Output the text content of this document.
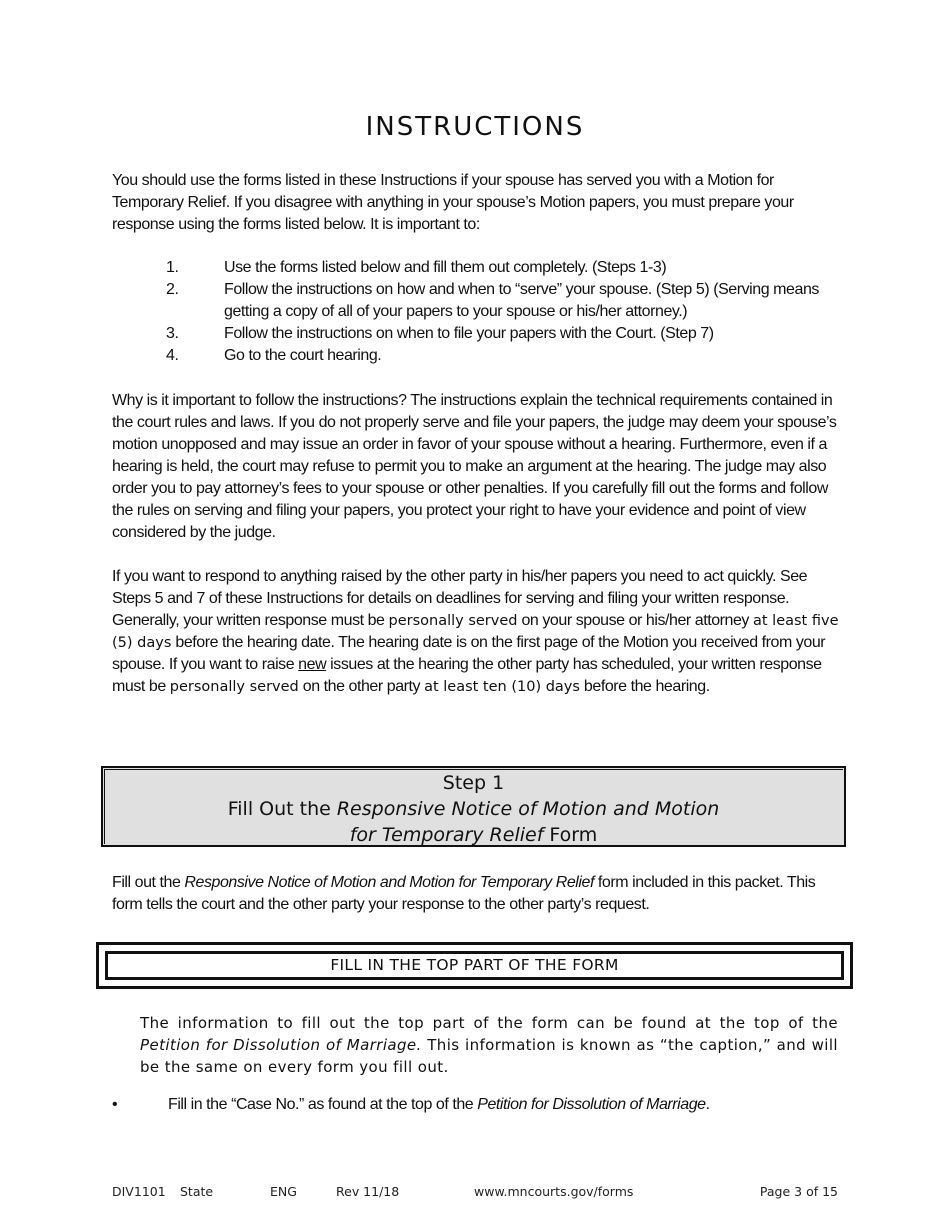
INSTRUCTIONS

You should use the forms listed in these Instructions if your spouse has served you with a Motion for Temporary Relief. If you disagree with anything in your spouse’s Motion papers, you must prepare your response using the forms listed below. It is important to:

1.	Use the forms listed below and fill them out completely. (Steps 1-3)
2.	Follow the instructions on how and when to “serve” your spouse. (Step 5) (Serving means getting a copy of all of your papers to your spouse or his/her attorney.)
3.	Follow the instructions on when to file your papers with the Court. (Step 7)
4.	Go to the court hearing.

Why is it important to follow the instructions? The instructions explain the technical requirements contained in the court rules and laws. If you do not properly serve and file your papers, the judge may deem your spouse’s motion unopposed and may issue an order in favor of your spouse without a hearing. Furthermore, even if a hearing is held, the court may refuse to permit you to make an argument at the hearing. The judge may also order you to pay attorney’s fees to your spouse or other penalties. If you carefully fill out the forms and follow the rules on serving and filing your papers, you protect your right to have your evidence and point of view considered by the judge.

If you want to respond to anything raised by the other party in his/her papers you need to act quickly. See Steps 5 and 7 of these Instructions for details on deadlines for serving and filing your written response. Generally, your written response must be personally served on your spouse or his/her attorney at least five (5) days before the hearing date. The hearing date is on the first page of the Motion you received from your spouse. If you want to raise new issues at the hearing the other party has scheduled, your written response must be personally served on the other party at least ten (10) days before the hearing.

Step 1
Fill Out the Responsive Notice of Motion and Motion
for Temporary Relief Form

Fill out the Responsive Notice of Motion and Motion for Temporary Relief form included in this packet. This form tells the court and the other party your response to the other party’s request.

FILL IN THE TOP PART OF THE FORM

The information to fill out the top part of the form can be found at the top of the Petition for Dissolution of Marriage. This information is known as “the caption,” and will be the same on every form you fill out.

•	Fill in the “Case No.” as found at the top of the Petition for Dissolution of Marriage.
DIV1101 State	ENG	Rev 11/18	www.mncourts.gov/forms	Page 3 of 15
